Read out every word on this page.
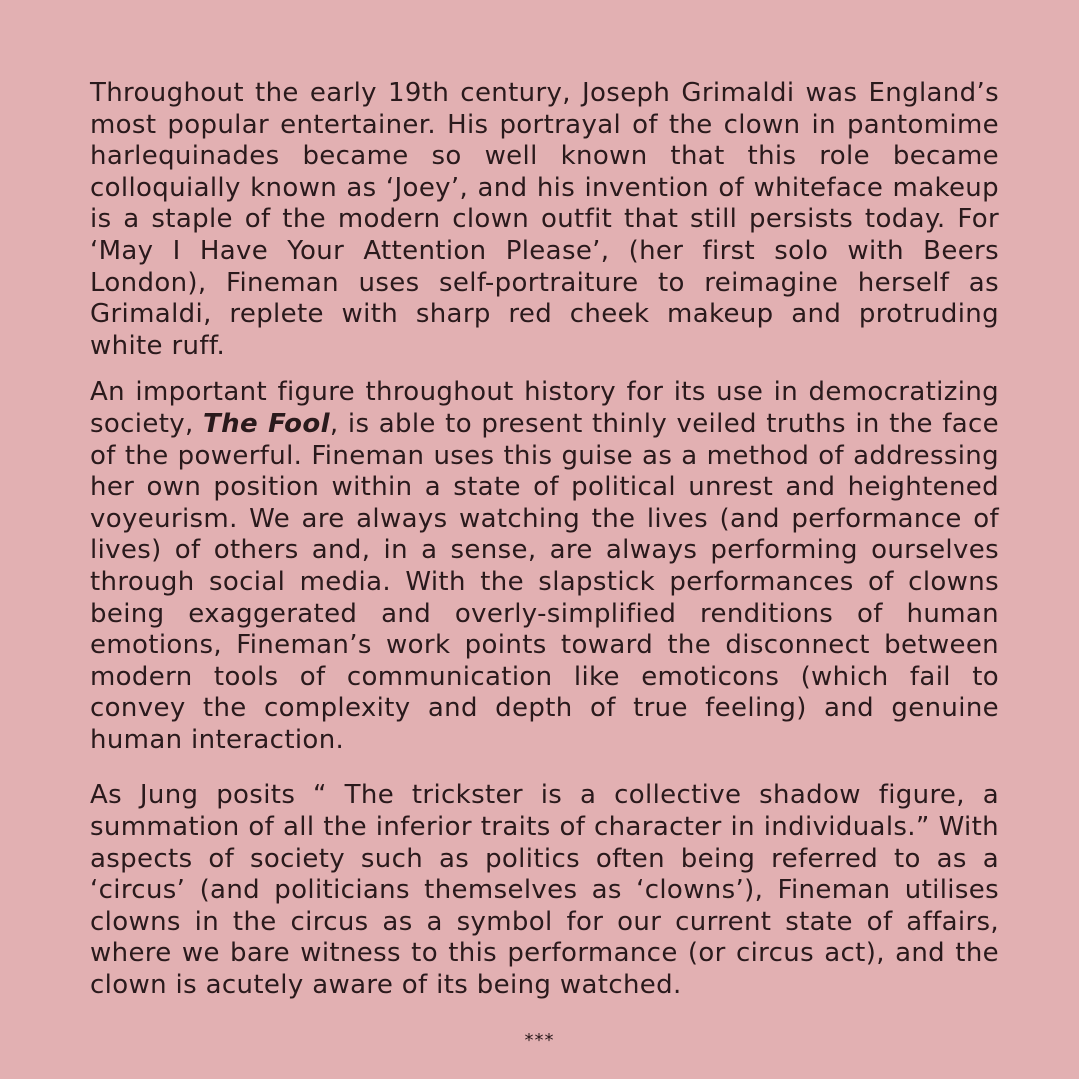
Throughout the early 19th century, Joseph Grimaldi was England’s most popular entertainer. His portrayal of the clown in pantomime harlequinades became so well known that this role became colloquially known as ‘Joey’, and his invention of whiteface makeup is a staple of the modern clown outfit that still persists today. For ‘May I Have Your Attention Please’, (her first solo with Beers London), Fineman uses self-portraiture to reimagine herself as Grimaldi, replete with sharp red cheek makeup and protruding white ruff.

An important figure throughout history for its use in democratizing society, The Fool, is able to present thinly veiled truths in the face of the powerful. Fineman uses this guise as a method of addressing her own position within a state of political unrest and heightened voyeurism. We are always watching the lives (and performance of lives) of others and, in a sense, are always performing ourselves through social media. With the slapstick performances of clowns being exaggerated and overly-simplified renditions of human emotions, Fineman’s work points toward the disconnect between modern tools of communication like emoticons (which fail to convey the complexity and depth of true feeling) and genuine human interaction.

As Jung posits “ The trickster is a collective shadow figure, a summation of all the inferior traits of character in individuals.” With aspects of society such as politics often being referred to as a ‘circus’ (and politicians themselves as ‘clowns’), Fineman utilises clowns in the circus as a symbol for our current state of affairs, where we bare witness to this performance (or circus act), and the clown is acutely aware of its being watched.

***
